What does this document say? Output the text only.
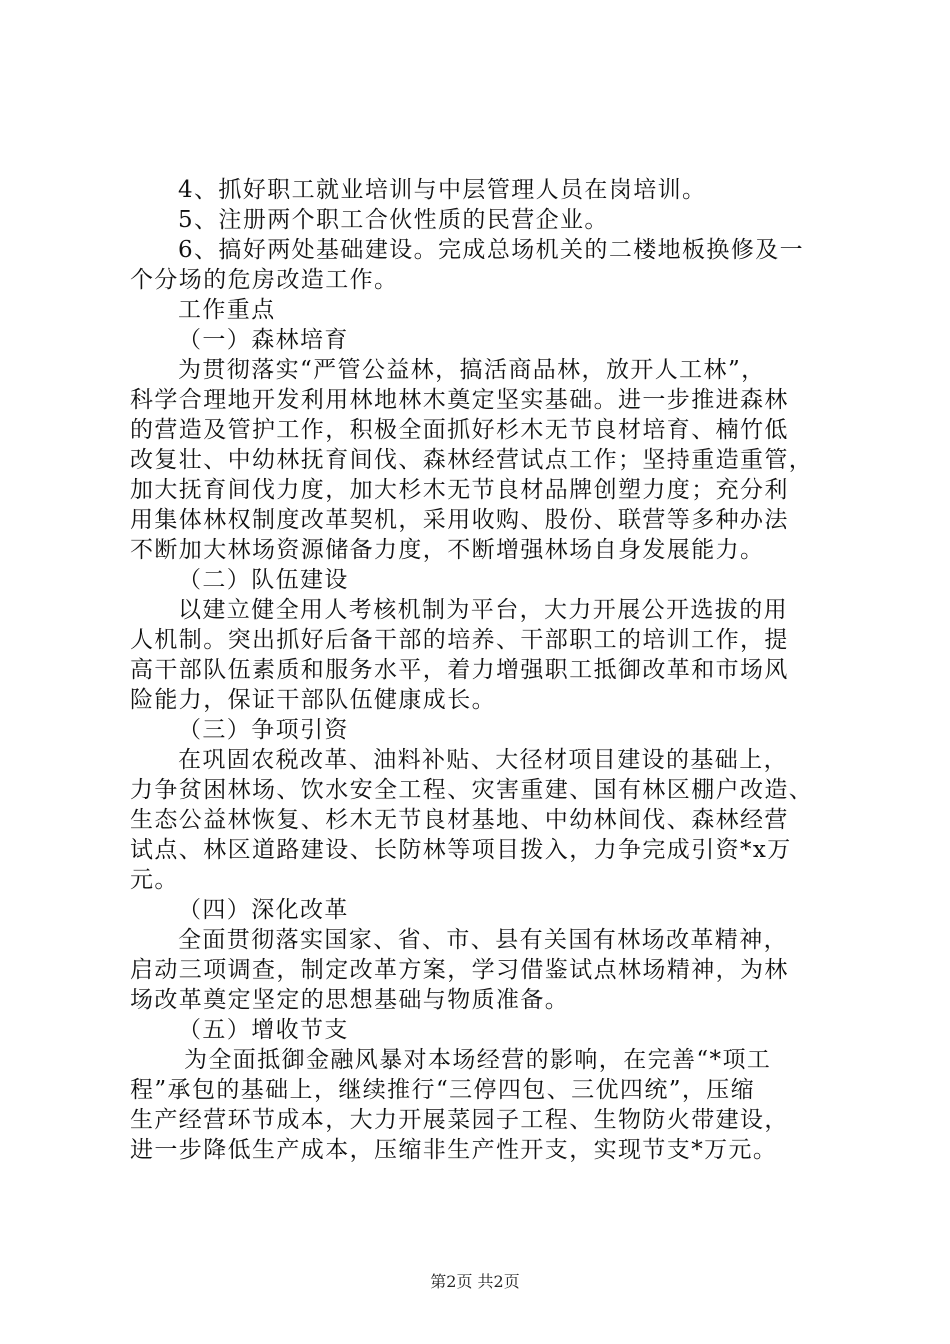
4、抓好职工就业培训与中层管理人员在岗培训。
5、注册两个职工合伙性质的民营企业。
6、搞好两处基础建设。完成总场机关的二楼地板换修及一
个分场的危房改造工作。
工作重点
（一）森林培育
为贯彻落实“严管公益林，搞活商品林，放开人工林”，
科学合理地开发利用林地林木奠定坚实基础。进一步推进森林
的营造及管护工作，积极全面抓好杉木无节良材培育、楠竹低
改复壮、中幼林抚育间伐、森林经营试点工作；坚持重造重管，
加大抚育间伐力度，加大杉木无节良材品牌创塑力度；充分利
用集体林权制度改革契机，采用收购、股份、联营等多种办法
不断加大林场资源储备力度，不断增强林场自身发展能力。
（二）队伍建设
以建立健全用人考核机制为平台，大力开展公开选拔的用
人机制。突出抓好后备干部的培养、干部职工的培训工作，提
高干部队伍素质和服务水平，着力增强职工抵御改革和市场风
险能力，保证干部队伍健康成长。
（三）争项引资
在巩固农税改革、油料补贴、大径材项目建设的基础上，
力争贫困林场、饮水安全工程、灾害重建、国有林区棚户改造、
生态公益林恢复、杉木无节良材基地、中幼林间伐、森林经营
试点、林区道路建设、长防林等项目拨入，力争完成引资*x万
元。
（四）深化改革
全面贯彻落实国家、省、市、县有关国有林场改革精神，
启动三项调查，制定改革方案，学习借鉴试点林场精神，为林
场改革奠定坚定的思想基础与物质准备。
（五）增收节支
为全面抵御金融风暴对本场经营的影响，在完善“*项工
程”承包的基础上，继续推行“三停四包、三优四统”，压缩
生产经营环节成本，大力开展菜园子工程、生物防火带建设，
进一步降低生产成本，压缩非生产性开支，实现节支*万元。
第2页 共2页
